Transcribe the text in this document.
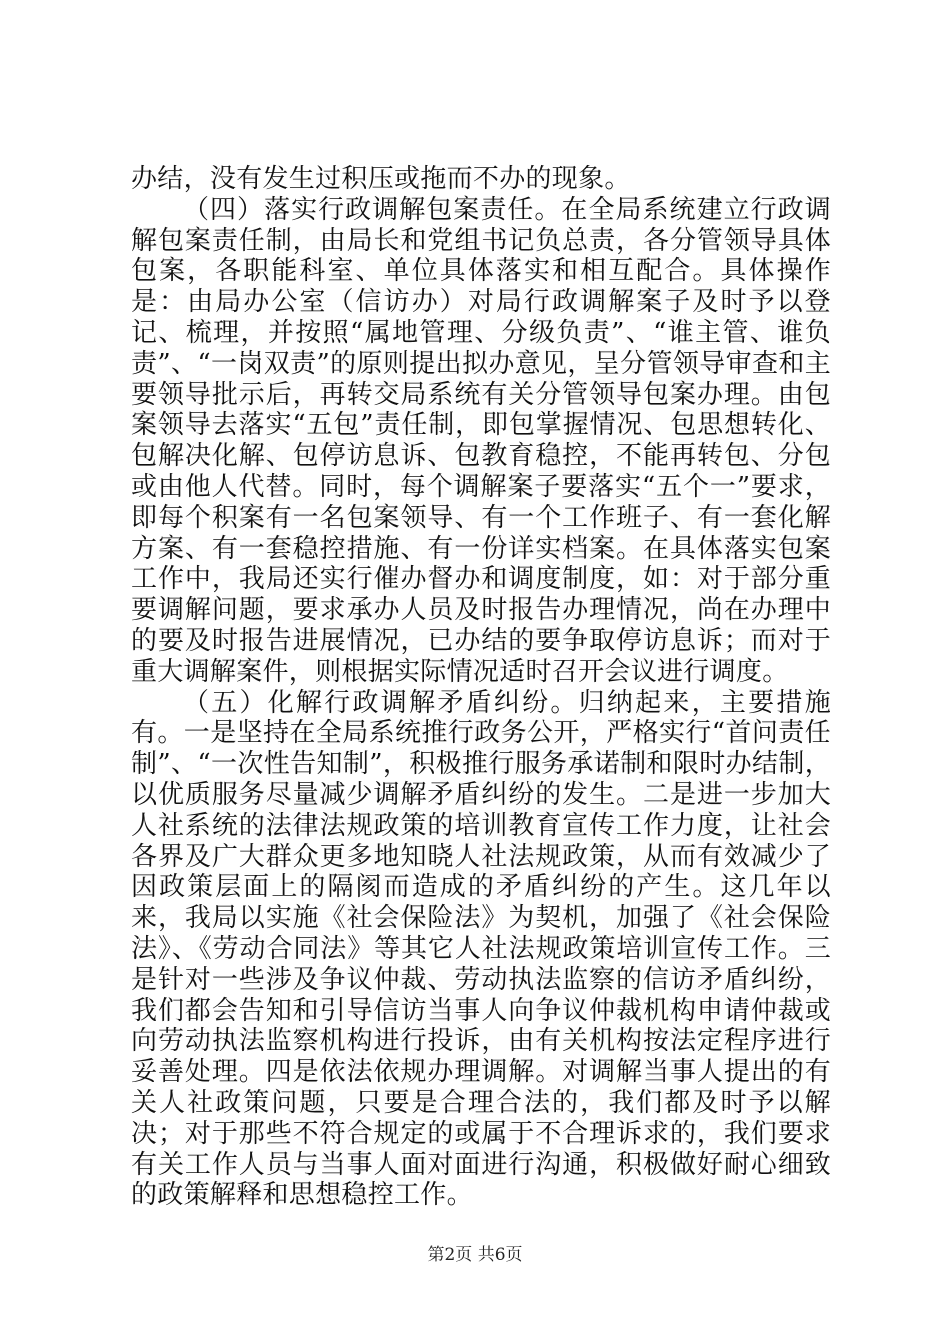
办结，没有发生过积压或拖而不办的现象。

（四）落实行政调解包案责任。在全局系统建立行政调解包案责任制，由局长和党组书记负总责，各分管领导具体包案，各职能科室、单位具体落实和相互配合。具体操作是：由局办公室（信访办）对局行政调解案子及时予以登记、梳理，并按照“属地管理、分级负责”、“谁主管、谁负责”、“一岗双责”的原则提出拟办意见，呈分管领导审查和主要领导批示后，再转交局系统有关分管领导包案办理。由包案领导去落实“五包”责任制，即包掌握情况、包思想转化、包解决化解、包停访息诉、包教育稳控，不能再转包、分包或由他人代替。同时，每个调解案子要落实“五个一”要求，即每个积案有一名包案领导、有一个工作班子、有一套化解方案、有一套稳控措施、有一份详实档案。在具体落实包案工作中，我局还实行催办督办和调度制度，如：对于部分重要调解问题，要求承办人员及时报告办理情况，尚在办理中的要及时报告进展情况，已办结的要争取停访息诉；而对于重大调解案件，则根据实际情况适时召开会议进行调度。

（五）化解行政调解矛盾纠纷。归纳起来，主要措施有。一是坚持在全局系统推行政务公开，严格实行“首问责任制”、“一次性告知制”，积极推行服务承诺制和限时办结制，以优质服务尽量减少调解矛盾纠纷的发生。二是进一步加大人社系统的法律法规政策的培训教育宣传工作力度，让社会各界及广大群众更多地知晓人社法规政策，从而有效减少了因政策层面上的隔阂而造成的矛盾纠纷的产生。这几年以来，我局以实施《社会保险法》为契机，加强了《社会保险法》、《劳动合同法》等其它人社法规政策培训宣传工作。三是针对一些涉及争议仲裁、劳动执法监察的信访矛盾纠纷，我们都会告知和引导信访当事人向争议仲裁机构申请仲裁或向劳动执法监察机构进行投诉，由有关机构按法定程序进行妥善处理。四是依法依规办理调解。对调解当事人提出的有关人社政策问题，只要是合理合法的，我们都及时予以解决；对于那些不符合规定的或属于不合理诉求的，我们要求有关工作人员与当事人面对面进行沟通，积极做好耐心细致的政策解释和思想稳控工作。

第2页 共6页
